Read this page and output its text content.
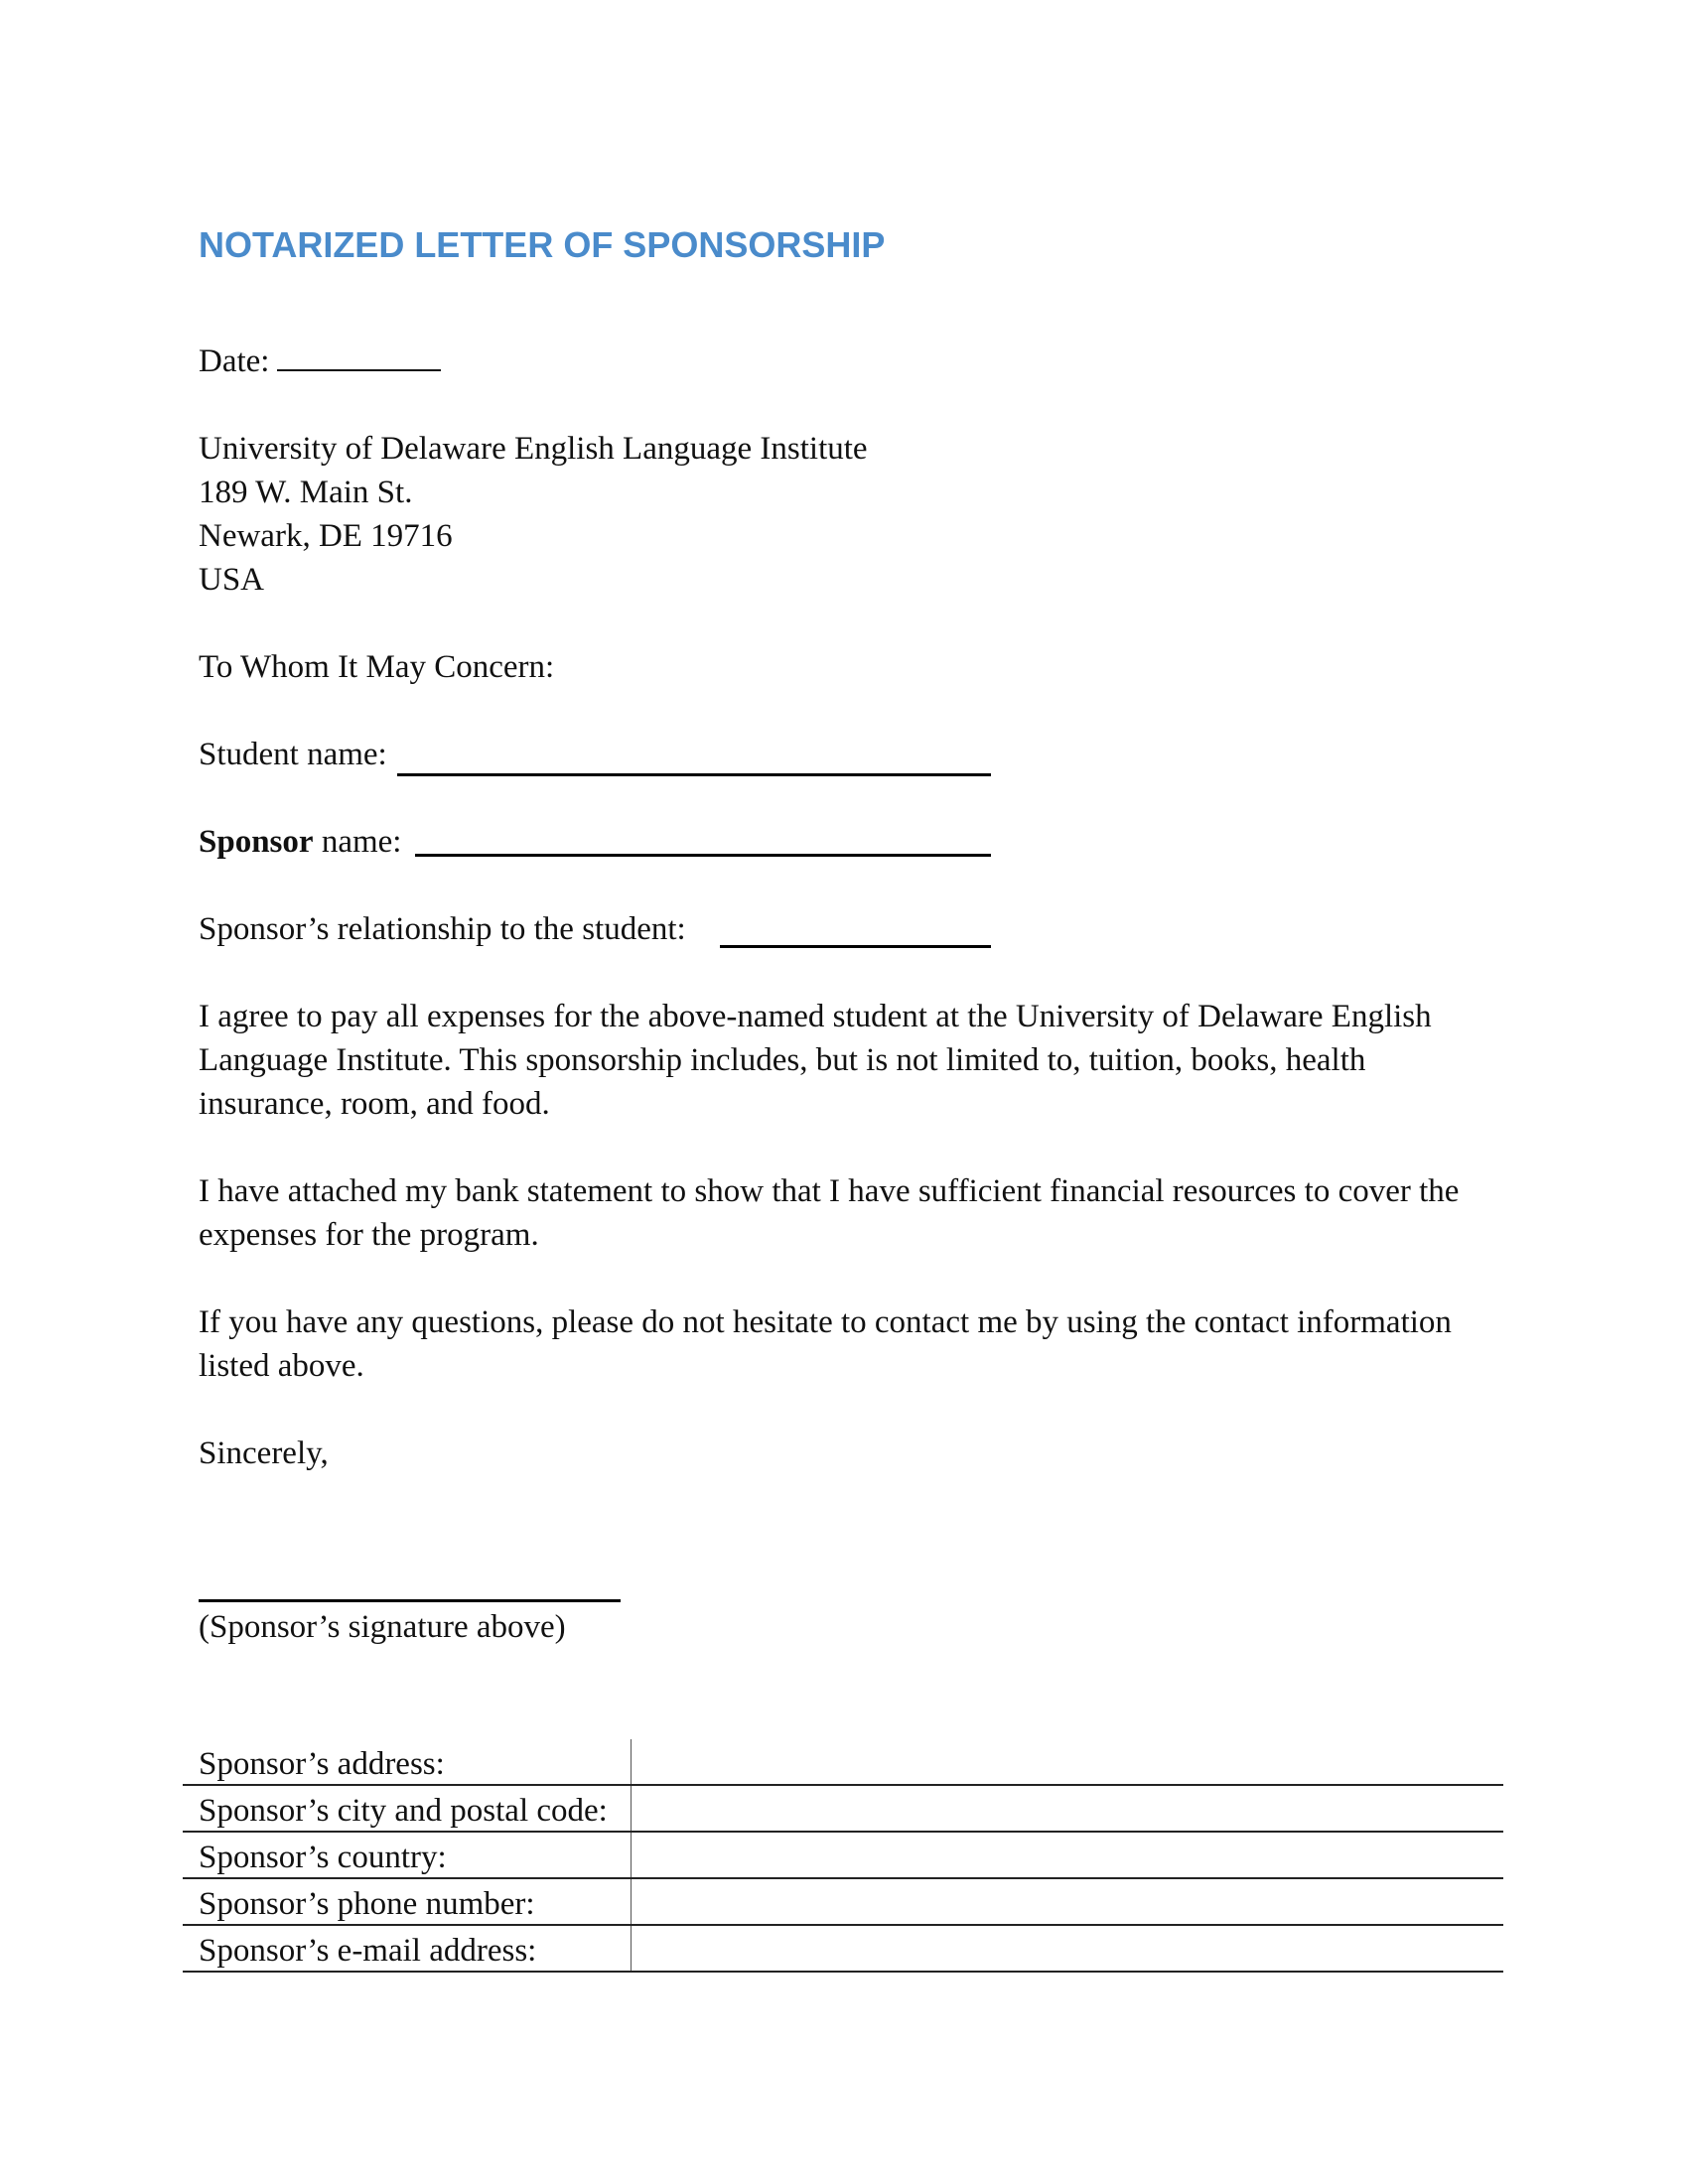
NOTARIZED LETTER OF SPONSORSHIP
Date:
University of Delaware English Language Institute
189 W. Main St.
Newark, DE 19716
USA
To Whom It May Concern:
Student name:
Sponsor name:
Sponsor’s relationship to the student:
I agree to pay all expenses for the above-named student at the University of Delaware English Language Institute. This sponsorship includes, but is not limited to, tuition, books, health insurance, room, and food.
I have attached my bank statement to show that I have sufficient financial resources to cover the expenses for the program.
If you have any questions, please do not hesitate to contact me by using the contact information listed above.
Sincerely,
(Sponsor’s signature above)
Sponsor’s address:	
Sponsor’s city and postal code:	
Sponsor’s country:	
Sponsor’s phone number:	
Sponsor’s e-mail address:	
